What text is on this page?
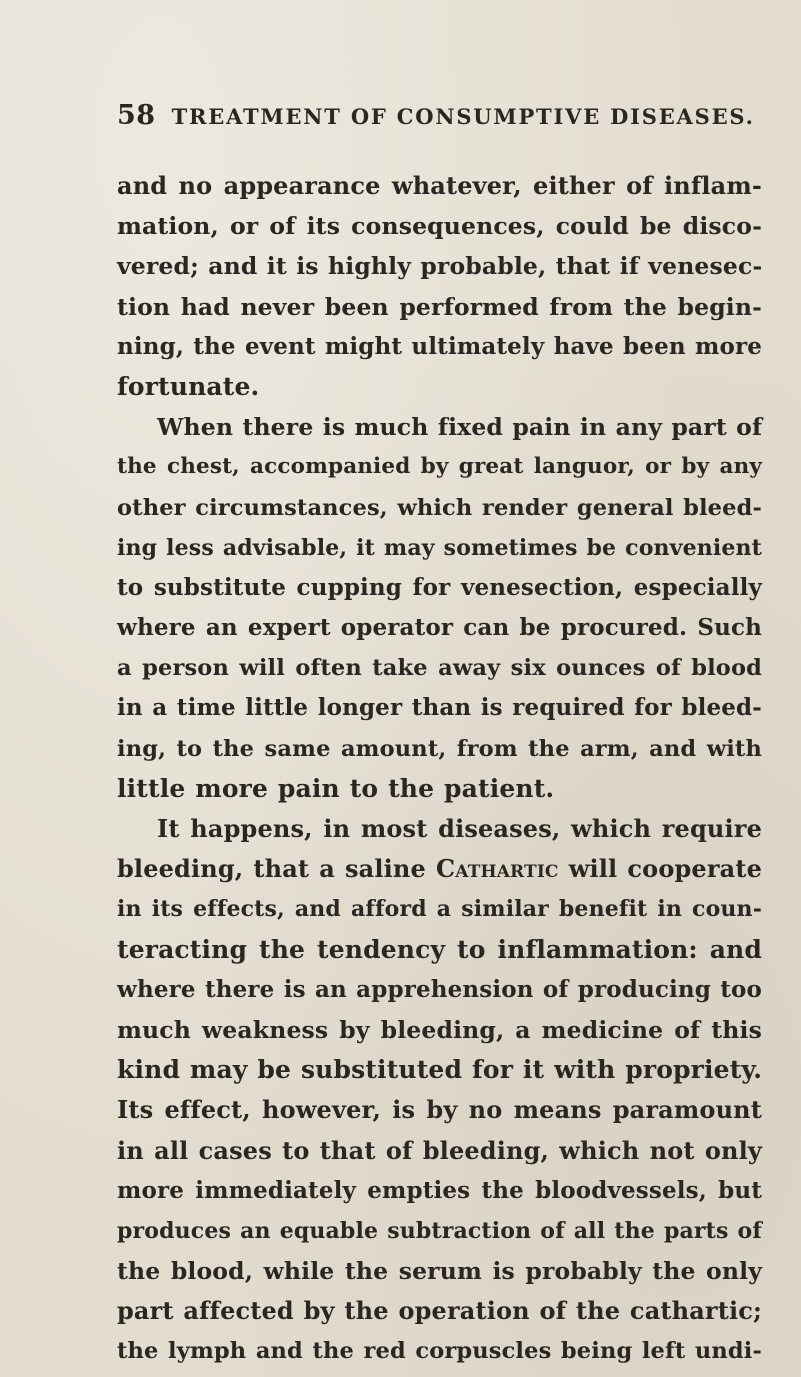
58 TREATMENT OF CONSUMPTIVE DISEASES.
and no appearance whatever, either of inflam-
mation, or of its consequences, could be disco-
vered; and it is highly probable, that if venesec-
tion had never been performed from the begin-
ning, the event might ultimately have been more
fortunate.
When there is much fixed pain in any part of
the chest, accompanied by great languor, or by any
other circumstances, which render general bleed-
ing less advisable, it may sometimes be convenient
to substitute cupping for venesection, especially
where an expert operator can be procured. Such
a person will often take away six ounces of blood
in a time little longer than is required for bleed-
ing, to the same amount, from the arm, and with
little more pain to the patient.
It happens, in most diseases, which require
bleeding, that a saline Cathartic will cooperate
in its effects, and afford a similar benefit in coun-
teracting the tendency to inflammation: and
where there is an apprehension of producing too
much weakness by bleeding, a medicine of this
kind may be substituted for it with propriety.
Its effect, however, is by no means paramount
in all cases to that of bleeding, which not only
more immediately empties the bloodvessels, but
produces an equable subtraction of all the parts of
the blood, while the serum is probably the only
part affected by the operation of the cathartic;
the lymph and the red corpuscles being left undi-
